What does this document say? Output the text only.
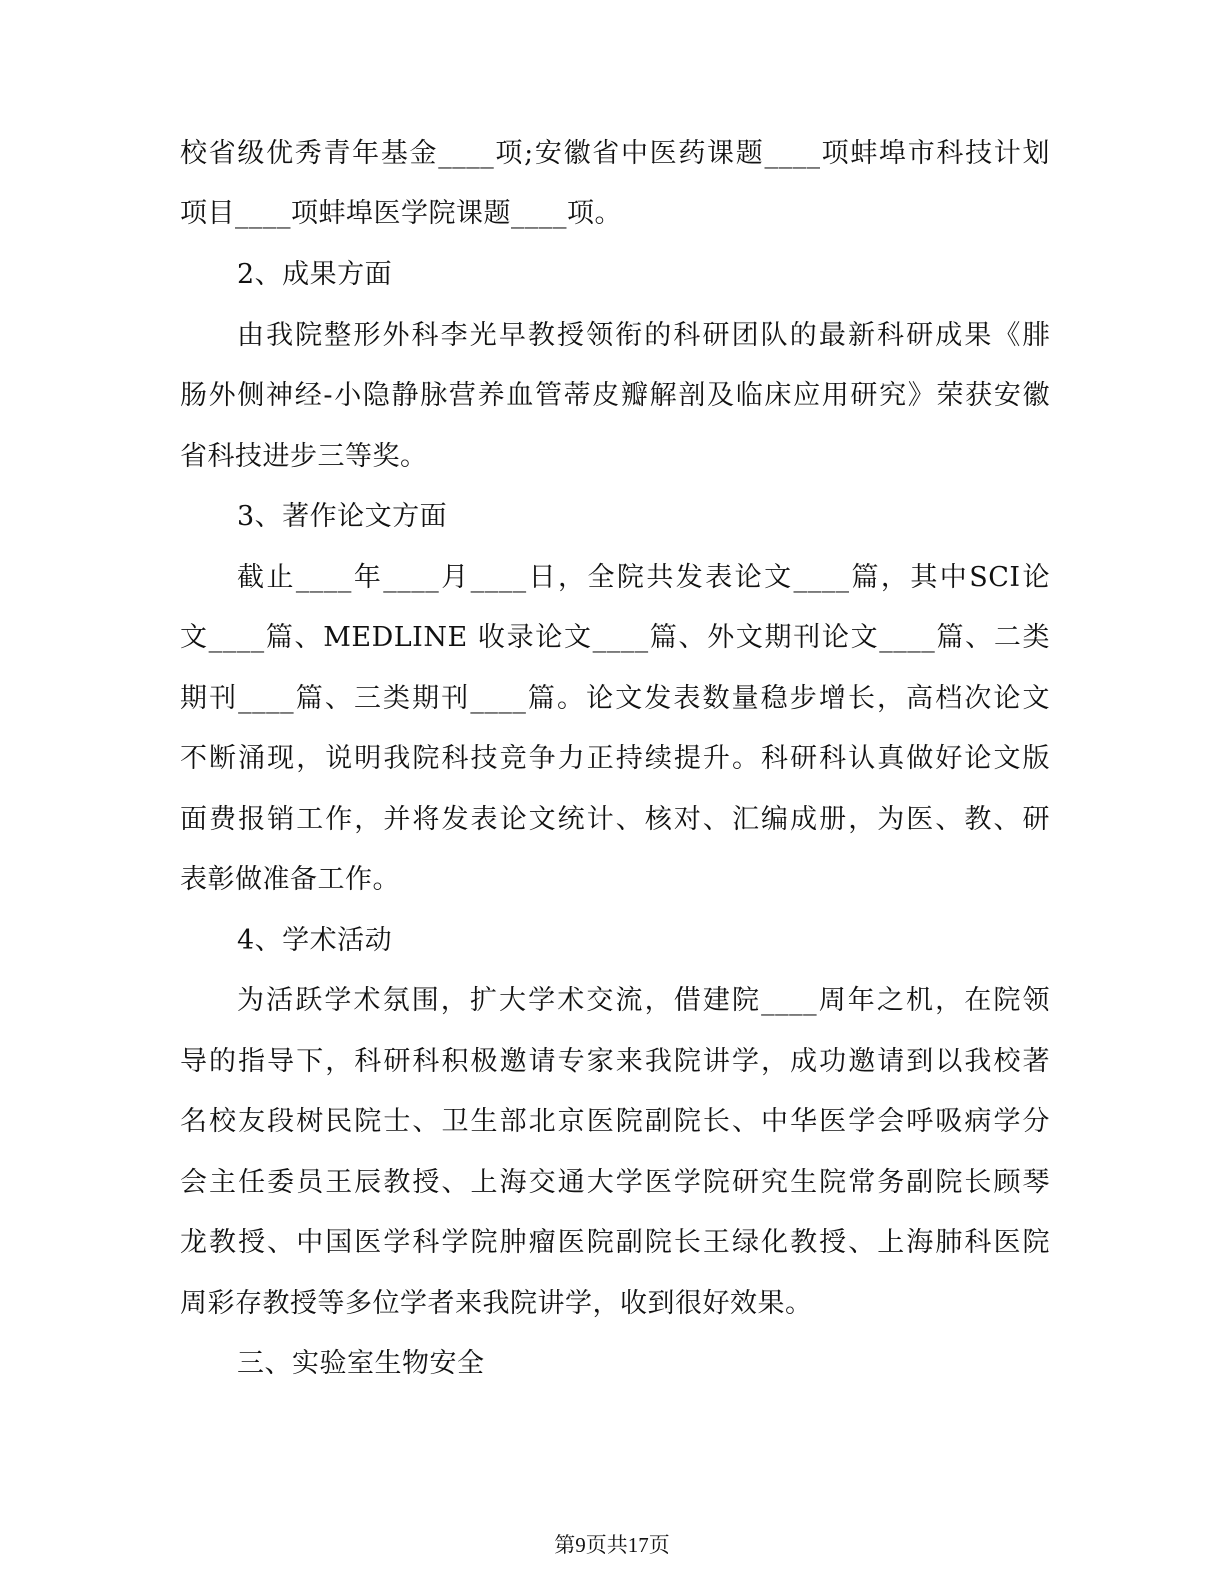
校省级优秀青年基金____项;安徽省中医药课题____项蚌埠市科技计划
项目____项蚌埠医学院课题____项。
2、成果方面
由我院整形外科李光早教授领衔的科研团队的最新科研成果《腓
肠外侧神经-小隐静脉营养血管蒂皮瓣解剖及临床应用研究》荣获安徽
省科技进步三等奖。
3、著作论文方面
截止____年____月____日，全院共发表论文____篇，其中SCI论
文____篇、MEDLINE 收录论文____篇、外文期刊论文____篇、二类
期刊____篇、三类期刊____篇。论文发表数量稳步增长，高档次论文
不断涌现，说明我院科技竞争力正持续提升。科研科认真做好论文版
面费报销工作，并将发表论文统计、核对、汇编成册，为医、教、研
表彰做准备工作。
4、学术活动
为活跃学术氛围，扩大学术交流，借建院____周年之机，在院领
导的指导下，科研科积极邀请专家来我院讲学，成功邀请到以我校著
名校友段树民院士、卫生部北京医院副院长、中华医学会呼吸病学分
会主任委员王辰教授、上海交通大学医学院研究生院常务副院长顾琴
龙教授、中国医学科学院肿瘤医院副院长王绿化教授、上海肺科医院
周彩存教授等多位学者来我院讲学，收到很好效果。
三、实验室生物安全
第9页共17页
